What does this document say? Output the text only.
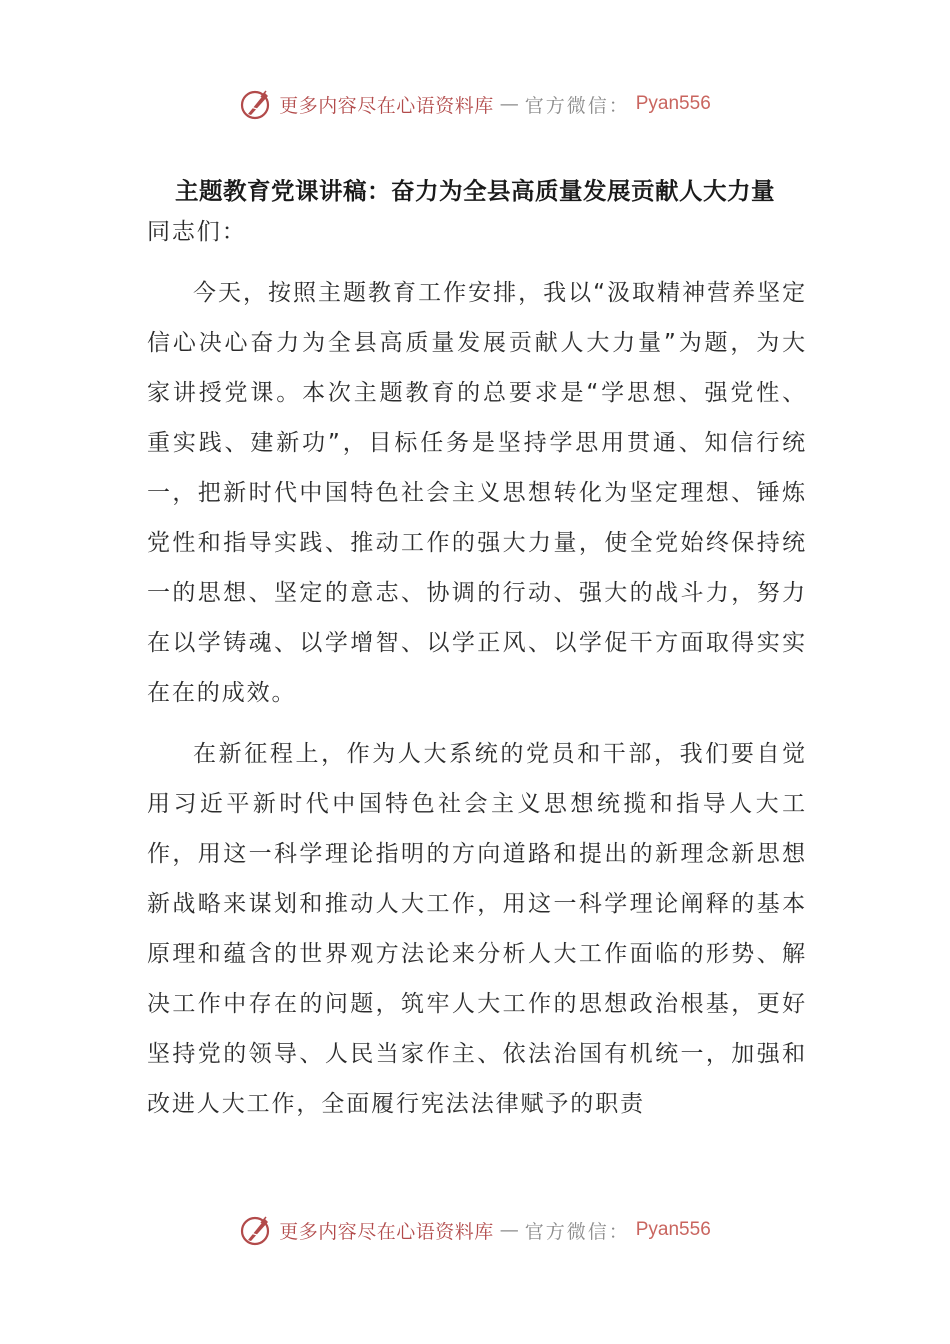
更多内容尽在心语资料库 — 官方微信： Pyan556
主题教育党课讲稿：奋力为全县高质量发展贡献人大力量

同志们：

今天，按照主题教育工作安排，我以“汲取精神营养坚定信心决心奋力为全县高质量发展贡献人大力量”为题，为大家讲授党课。本次主题教育的总要求是“学思想、强党性、重实践、建新功”，目标任务是坚持学思用贯通、知信行统一，把新时代中国特色社会主义思想转化为坚定理想、锤炼党性和指导实践、推动工作的强大力量，使全党始终保持统一的思想、坚定的意志、协调的行动、强大的战斗力，努力在以学铸魂、以学增智、以学正风、以学促干方面取得实实在在的成效。

在新征程上，作为人大系统的党员和干部，我们要自觉用习近平新时代中国特色社会主义思想统揽和指导人大工作，用这一科学理论指明的方向道路和提出的新理念新思想新战略来谋划和推动人大工作，用这一科学理论阐释的基本原理和蕴含的世界观方法论来分析人大工作面临的形势、解决工作中存在的问题，筑牢人大工作的思想政治根基，更好坚持党的领导、人民当家作主、依法治国有机统一，加强和改进人大工作，全面履行宪法法律赋予的职责

更多内容尽在心语资料库 — 官方微信： Pyan556
